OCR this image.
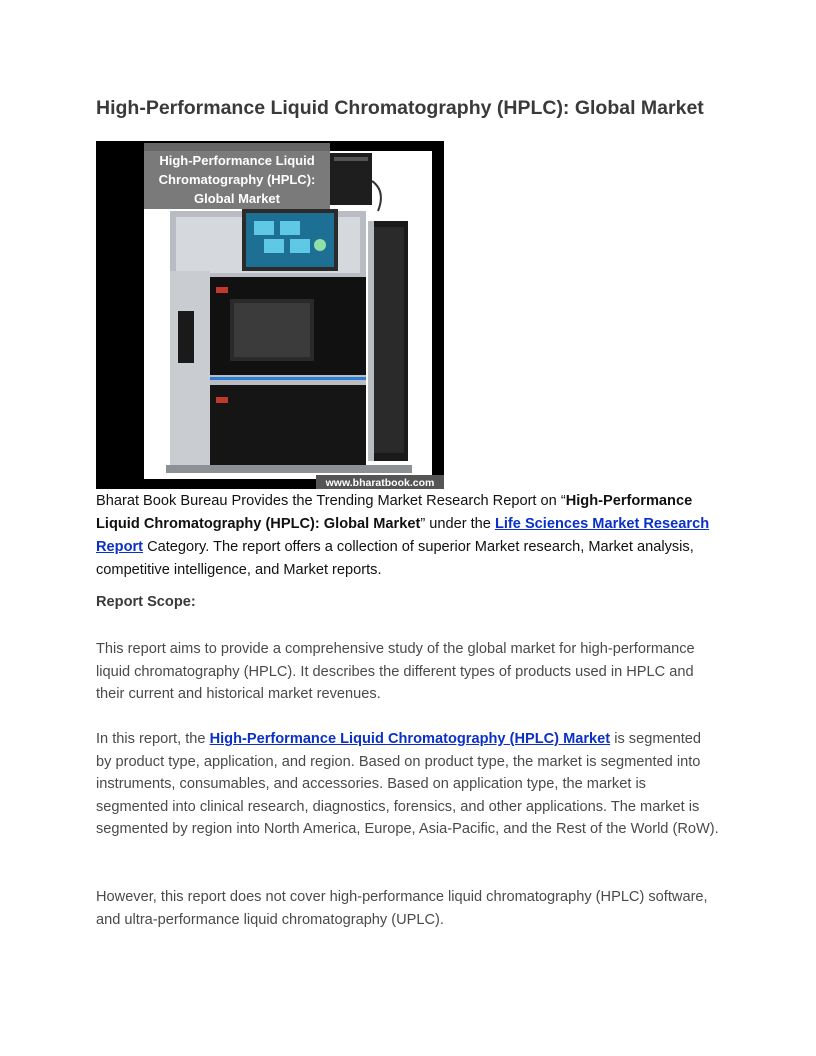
High-Performance Liquid Chromatography (HPLC): Global Market
High-Performance Liquid
Chromatography (HPLC):
Global Market
www.bharatbook.com
Bharat Book Bureau Provides the Trending Market Research Report on “High-Performance Liquid Chromatography (HPLC): Global Market” under the Life Sciences Market Research Report Category. The report offers a collection of superior Market research, Market analysis, competitive intelligence, and Market reports.
Report Scope:
This report aims to provide a comprehensive study of the global market for high-performance liquid chromatography (HPLC). It describes the different types of products used in HPLC and their current and historical market revenues.
In this report, the High-Performance Liquid Chromatography (HPLC) Market is segmented by product type, application, and region. Based on product type, the market is segmented into instruments, consumables, and accessories. Based on application type, the market is segmented into clinical research, diagnostics, forensics, and other applications. The market is segmented by region into North America, Europe, Asia-Pacific, and the Rest of the World (RoW).
However, this report does not cover high-performance liquid chromatography (HPLC) software, and ultra-performance liquid chromatography (UPLC).
